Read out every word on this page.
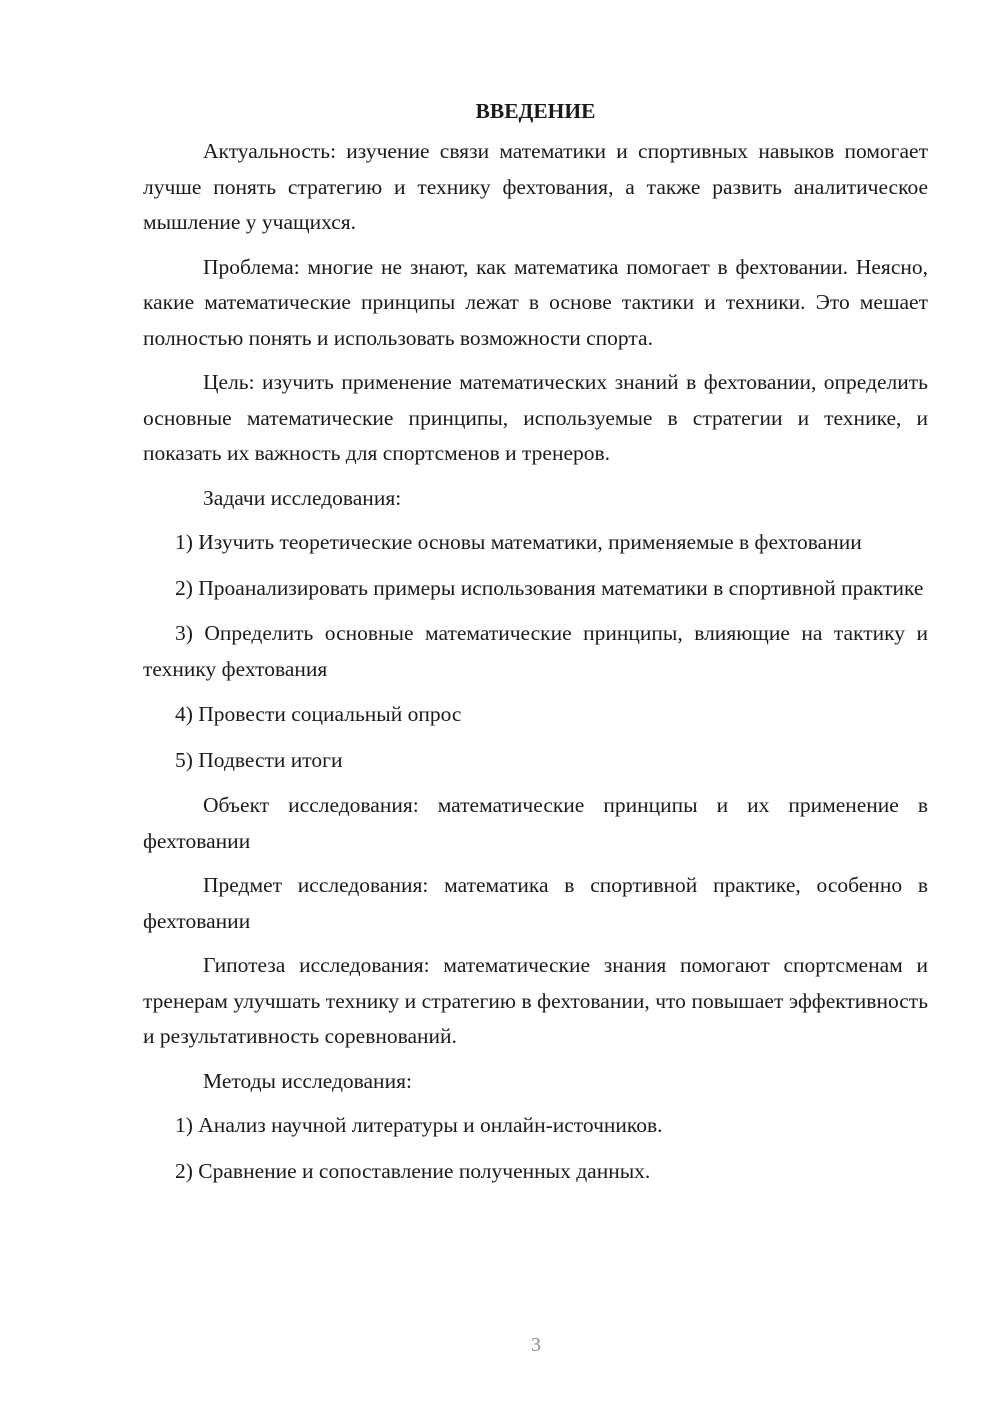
ВВЕДЕНИЕ

Актуальность: изучение связи математики и спортивных навыков помогает лучше понять стратегию и технику фехтования, а также развить аналитическое мышление у учащихся.

Проблема: многие не знают, как математика помогает в фехтовании. Неясно, какие математические принципы лежат в основе тактики и техники. Это мешает полностью понять и использовать возможности спорта.

Цель: изучить применение математических знаний в фехтовании, определить основные математические принципы, используемые в стратегии и технике, и показать их важность для спортсменов и тренеров.

Задачи исследования:

1) Изучить теоретические основы математики, применяемые в фехтовании

2) Проанализировать примеры использования математики в спортивной практике

3) Определить основные математические принципы, влияющие на тактику и технику фехтования

4) Провести социальный опрос

5) Подвести итоги

Объект исследования: математические принципы и их применение в фехтовании

Предмет исследования: математика в спортивной практике, особенно в фехтовании

Гипотеза исследования: математические знания помогают спортсменам и тренерам улучшать технику и стратегию в фехтовании, что повышает эффективность и результативность соревнований.

Методы исследования:

1) Анализ научной литературы и онлайн-источников.

2) Сравнение и сопоставление полученных данных.

3
